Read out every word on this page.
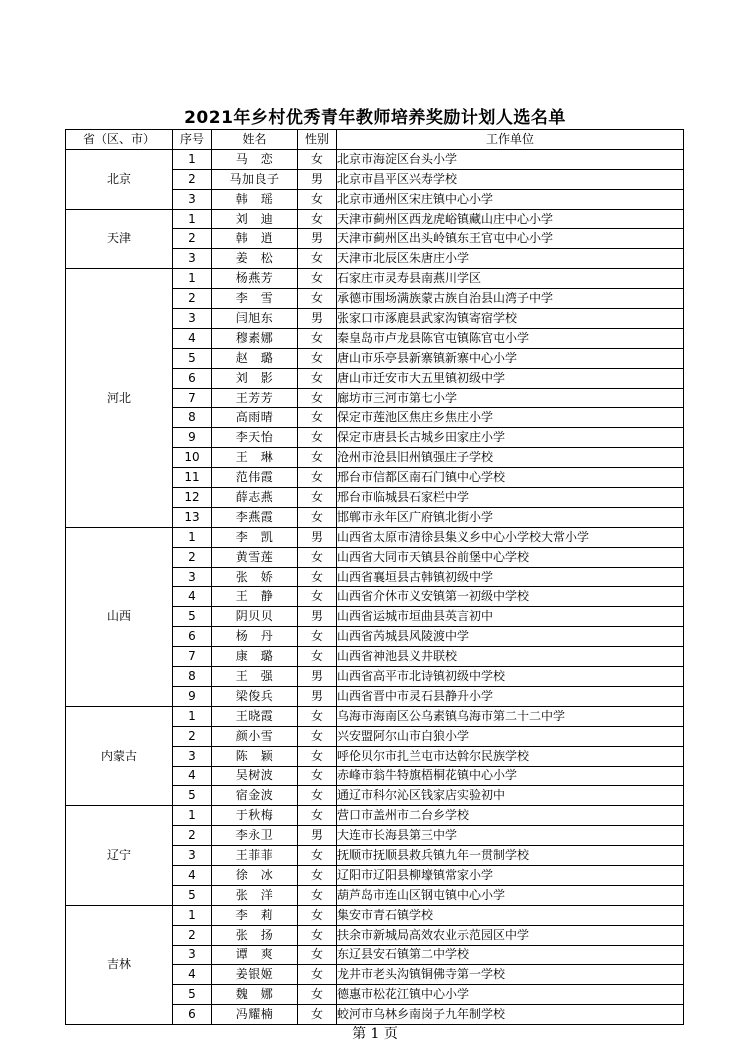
2021年乡村优秀青年教师培养奖励计划人选名单
省（区、市）	序号	姓名	性别	工作单位
北京	1	马　恋	女	北京市海淀区台头小学
	2	马加良子	男	北京市昌平区兴寿学校
	3	韩　瑶	女	北京市通州区宋庄镇中心小学
天津	1	刘　迪	女	天津市蓟州区西龙虎峪镇藏山庄中心小学
	2	韩　逍	男	天津市蓟州区出头岭镇东王官屯中心小学
	3	姜　松	女	天津市北辰区朱唐庄小学
河北	1	杨燕芳	女	石家庄市灵寿县南燕川学区
	2	李　雪	女	承德市围场满族蒙古族自治县山湾子中学
	3	闫旭东	男	张家口市涿鹿县武家沟镇寄宿学校
	4	穆素娜	女	秦皇岛市卢龙县陈官屯镇陈官屯小学
	5	赵　璐	女	唐山市乐亭县新寨镇新寨中心小学
	6	刘　影	女	唐山市迁安市大五里镇初级中学
	7	王芳芳	女	廊坊市三河市第七小学
	8	高雨晴	女	保定市莲池区焦庄乡焦庄小学
	9	李天怡	女	保定市唐县长古城乡田家庄小学
	10	王　琳	女	沧州市沧县旧州镇强庄子学校
	11	范伟霞	女	邢台市信都区南石门镇中心学校
	12	薛志燕	女	邢台市临城县石家栏中学
	13	李燕霞	女	邯郸市永年区广府镇北街小学
山西	1	李　凯	男	山西省太原市清徐县集义乡中心小学校大常小学
	2	黄雪莲	女	山西省大同市天镇县谷前堡中心学校
	3	张　娇	女	山西省襄垣县古韩镇初级中学
	4	王　静	女	山西省介休市义安镇第一初级中学校
	5	阴贝贝	男	山西省运城市垣曲县英言初中
	6	杨　丹	女	山西省芮城县风陵渡中学
	7	康　璐	女	山西省神池县义井联校
	8	王　强	男	山西省高平市北诗镇初级中学校
	9	梁俊兵	男	山西省晋中市灵石县静升小学
内蒙古	1	王晓霞	女	乌海市海南区公乌素镇乌海市第二十二中学
	2	颜小雪	女	兴安盟阿尔山市白狼小学
	3	陈　颖	女	呼伦贝尔市扎兰屯市达斡尔民族学校
	4	吴树波	女	赤峰市翁牛特旗梧桐花镇中心小学
	5	宿金波	女	通辽市科尔沁区钱家店实验初中
辽宁	1	于秋梅	女	营口市盖州市二台乡学校
	2	李永卫	男	大连市长海县第三中学
	3	王菲菲	女	抚顺市抚顺县救兵镇九年一贯制学校
	4	徐　冰	女	辽阳市辽阳县柳壕镇常家小学
	5	张　洋	女	葫芦岛市连山区钢屯镇中心小学
吉林	1	李　莉	女	集安市青石镇学校
	2	张　扬	女	扶余市新城局高效农业示范园区中学
	3	谭　爽	女	东辽县安石镇第二中学校
	4	姜银姬	女	龙井市老头沟镇铜佛寺第一学校
	5	魏　娜	女	德惠市松花江镇中心小学
	6	冯耀楠	女	蛟河市乌林乡南岗子九年制学校
第 1 页
